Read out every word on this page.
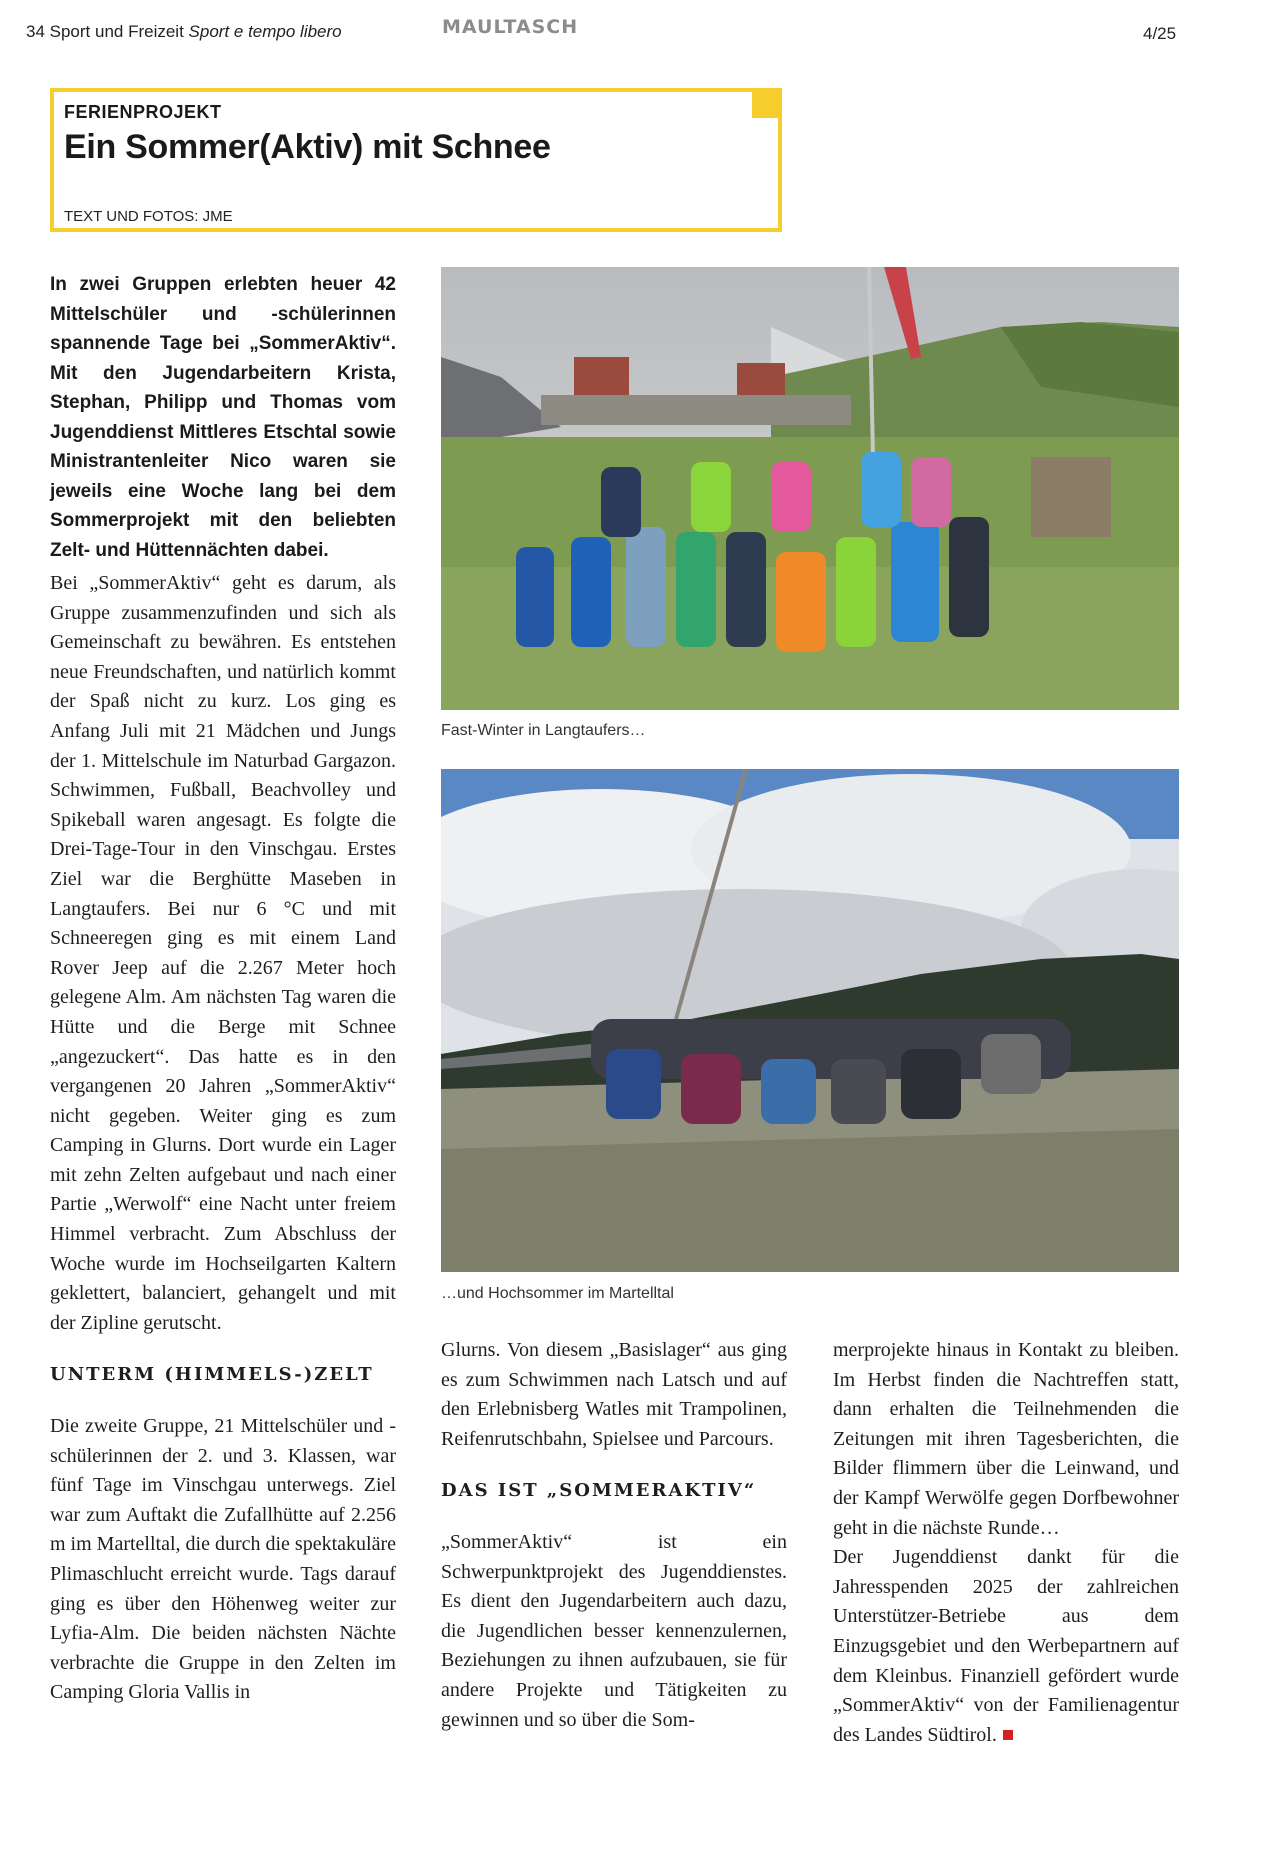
34 Sport und Freizeit Sport e tempo libero	MAULTASCH	4/25
FERIENPROJEKT
Ein Sommer(Aktiv) mit Schnee
TEXT UND FOTOS: JME
In zwei Gruppen erlebten heuer 42 Mittelschüler und -schülerinnen spannende Tage bei „SommerAktiv“. Mit den Jugendarbeitern Krista, Stephan, Philipp und Thomas vom Jugenddienst Mittleres Etschtal sowie Ministrantenleiter Nico waren sie jeweils eine Woche lang bei dem Sommerprojekt mit den beliebten Zelt- und Hüttennächten dabei.

Bei „SommerAktiv“ geht es darum, als Gruppe zusammenzufinden und sich als Gemeinschaft zu bewähren. Es entstehen neue Freundschaften, und natürlich kommt der Spaß nicht zu kurz. Los ging es Anfang Juli mit 21 Mädchen und Jungs der 1. Mittelschule im Naturbad Gargazon. Schwimmen, Fußball, Beachvolley und Spikeball waren angesagt. Es folgte die Drei-Tage-Tour in den Vinschgau. Erstes Ziel war die Berghütte Maseben in Langtaufers. Bei nur 6 °C und mit Schneeregen ging es mit einem Land Rover Jeep auf die 2.267 Meter hoch gelegene Alm. Am nächsten Tag waren die Hütte und die Berge mit Schnee „angezuckert“. Das hatte es in den vergangenen 20 Jahren „SommerAktiv“ nicht gegeben. Weiter ging es zum Camping in Glurns. Dort wurde ein Lager mit zehn Zelten aufgebaut und nach einer Partie „Werwolf“ eine Nacht unter freiem Himmel verbracht. Zum Abschluss der Woche wurde im Hochseilgarten Kaltern geklettert, balanciert, gehangelt und mit der Zipline gerutscht.

UNTERM (HIMMELS-)ZELT

Die zweite Gruppe, 21 Mittelschüler und -schülerinnen der 2. und 3. Klassen, war fünf Tage im Vinschgau unterwegs. Ziel war zum Auftakt die Zufallhütte auf 2.256 m im Martelltal, die durch die spektakuläre Plimaschlucht erreicht wurde. Tags darauf ging es über den Höhenweg weiter zur Lyfia-Alm. Die beiden nächsten Nächte verbrachte die Gruppe in den Zelten im Camping Gloria Vallis in

Fast-Winter in Langtaufers…
…und Hochsommer im Martelltal

Glurns. Von diesem „Basislager“ aus ging es zum Schwimmen nach Latsch und auf den Erlebnisberg Watles mit Trampolinen, Reifenrutschbahn, Spielsee und Parcours.

DAS IST „SOMMERAKTIV“

„SommerAktiv“ ist ein Schwerpunktprojekt des Jugenddienstes. Es dient den Jugendarbeitern auch dazu, die Jugendlichen besser kennenzulernen, Beziehungen zu ihnen aufzubauen, sie für andere Projekte und Tätigkeiten zu gewinnen und so über die Som-

merprojekte hinaus in Kontakt zu bleiben. Im Herbst finden die Nachtreffen statt, dann erhalten die Teilnehmenden die Zeitungen mit ihren Tagesberichten, die Bilder flimmern über die Leinwand, und der Kampf Werwölfe gegen Dorfbewohner geht in die nächste Runde…

Der Jugenddienst dankt für die Jahresspenden 2025 der zahlreichen Unterstützer-Betriebe aus dem Einzugsgebiet und den Werbepartnern auf dem Kleinbus. Finanziell gefördert wurde „SommerAktiv“ von der Familienagentur des Landes Südtirol.
